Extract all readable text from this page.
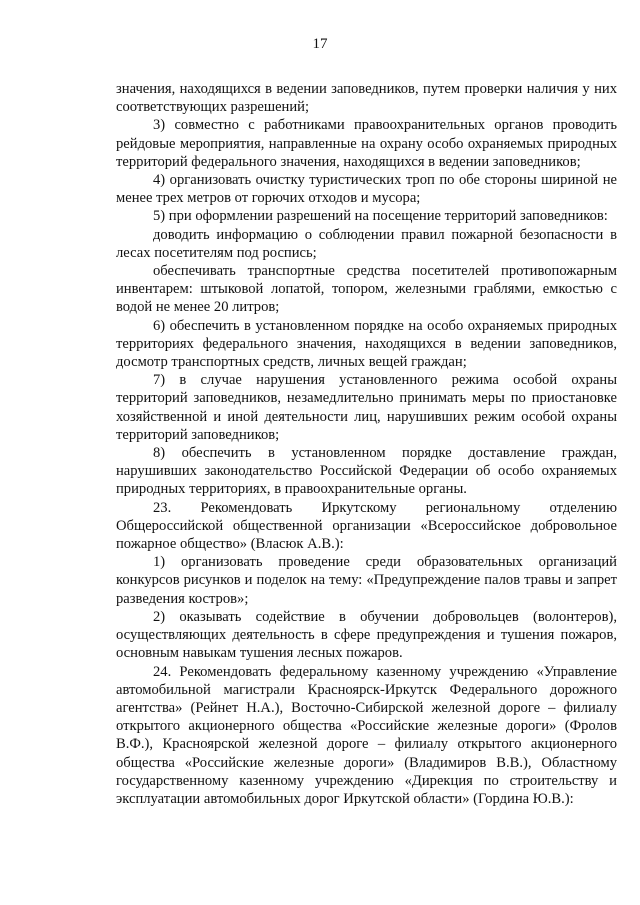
17

значения, находящихся в ведении заповедников, путем проверки наличия у них соответствующих разрешений;

3) совместно с работниками правоохранительных органов проводить рейдовые мероприятия, направленные на охрану особо охраняемых природных территорий федерального значения, находящихся в ведении заповедников;

4) организовать очистку туристических троп по обе стороны шириной не менее трех метров от горючих отходов и мусора;

5) при оформлении разрешений на посещение территорий заповедников:

доводить информацию о соблюдении правил пожарной безопасности в лесах посетителям под роспись;

обеспечивать транспортные средства посетителей противопожарным инвентарем: штыковой лопатой, топором, железными граблями, емкостью с водой не менее 20 литров;

6) обеспечить в установленном порядке на особо охраняемых природных территориях федерального значения, находящихся в ведении заповедников, досмотр транспортных средств, личных вещей граждан;

7) в случае нарушения установленного режима особой охраны территорий заповедников, незамедлительно принимать меры по приостановке хозяйственной и иной деятельности лиц, нарушивших режим особой охраны территорий заповедников;

8) обеспечить в установленном порядке доставление граждан, нарушивших законодательство Российской Федерации об особо охраняемых природных территориях, в правоохранительные органы.

23. Рекомендовать Иркутскому региональному отделению Общероссийской общественной организации «Всероссийское добровольное пожарное общество» (Власюк А.В.):

1) организовать проведение среди образовательных организаций конкурсов рисунков и поделок на тему: «Предупреждение палов травы и запрет разведения костров»;

2) оказывать содействие в обучении добровольцев (волонтеров), осуществляющих деятельность в сфере предупреждения и тушения пожаров, основным навыкам тушения лесных пожаров.

24. Рекомендовать федеральному казенному учреждению «Управление автомобильной магистрали Красноярск-Иркутск Федерального дорожного агентства» (Рейнет Н.А.), Восточно-Сибирской железной дороге – филиалу открытого акционерного общества «Российские железные дороги» (Фролов В.Ф.), Красноярской железной дороге – филиалу открытого акционерного общества «Российские железные дороги» (Владимиров В.В.), Областному государственному казенному учреждению «Дирекция по строительству и эксплуатации автомобильных дорог Иркутской области» (Гордина Ю.В.):
